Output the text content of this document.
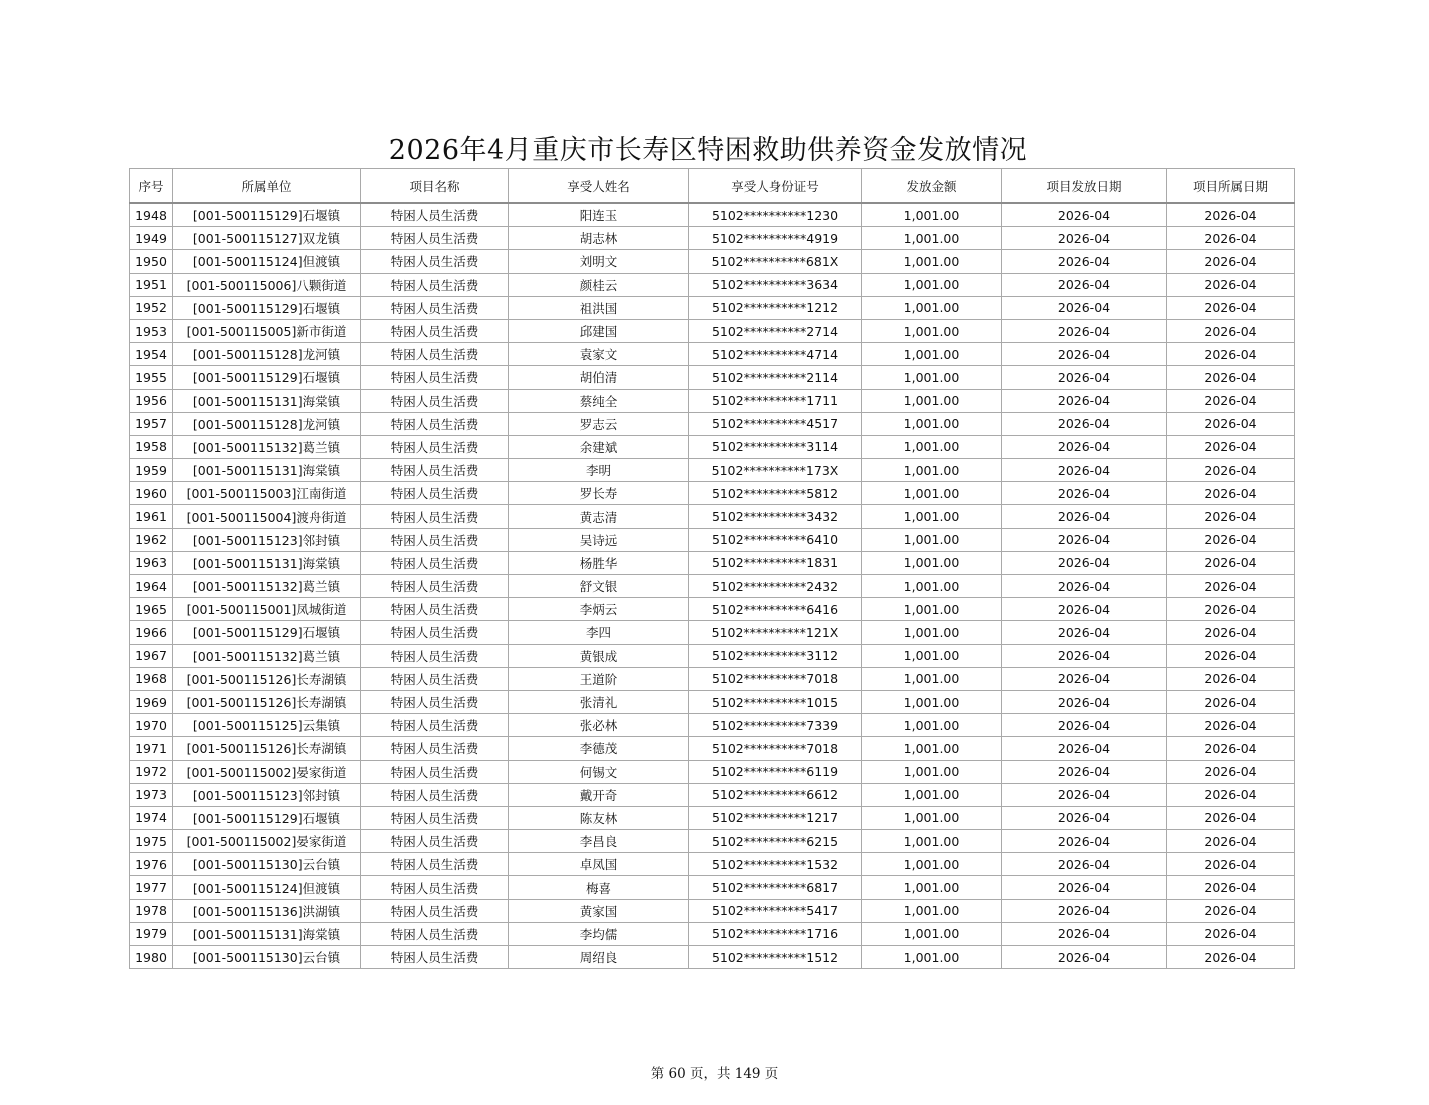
2026年4月重庆市长寿区特困救助供养资金发放情况
序号	所属单位	项目名称	享受人姓名	享受人身份证号	发放金额	项目发放日期	项目所属日期
1948	[001-500115129]石堰镇	特困人员生活费	阳连玉	5102**********1230	1,001.00	2026-04	2026-04
1949	[001-500115127]双龙镇	特困人员生活费	胡志林	5102**********4919	1,001.00	2026-04	2026-04
1950	[001-500115124]但渡镇	特困人员生活费	刘明文	5102**********681X	1,001.00	2026-04	2026-04
1951	[001-500115006]八颗街道	特困人员生活费	颜桂云	5102**********3634	1,001.00	2026-04	2026-04
1952	[001-500115129]石堰镇	特困人员生活费	祖洪国	5102**********1212	1,001.00	2026-04	2026-04
1953	[001-500115005]新市街道	特困人员生活费	邱建国	5102**********2714	1,001.00	2026-04	2026-04
1954	[001-500115128]龙河镇	特困人员生活费	袁家文	5102**********4714	1,001.00	2026-04	2026-04
1955	[001-500115129]石堰镇	特困人员生活费	胡伯清	5102**********2114	1,001.00	2026-04	2026-04
1956	[001-500115131]海棠镇	特困人员生活费	蔡纯全	5102**********1711	1,001.00	2026-04	2026-04
1957	[001-500115128]龙河镇	特困人员生活费	罗志云	5102**********4517	1,001.00	2026-04	2026-04
1958	[001-500115132]葛兰镇	特困人员生活费	余建斌	5102**********3114	1,001.00	2026-04	2026-04
1959	[001-500115131]海棠镇	特困人员生活费	李明	5102**********173X	1,001.00	2026-04	2026-04
1960	[001-500115003]江南街道	特困人员生活费	罗长寿	5102**********5812	1,001.00	2026-04	2026-04
1961	[001-500115004]渡舟街道	特困人员生活费	黄志清	5102**********3432	1,001.00	2026-04	2026-04
1962	[001-500115123]邻封镇	特困人员生活费	吴诗远	5102**********6410	1,001.00	2026-04	2026-04
1963	[001-500115131]海棠镇	特困人员生活费	杨胜华	5102**********1831	1,001.00	2026-04	2026-04
1964	[001-500115132]葛兰镇	特困人员生活费	舒文银	5102**********2432	1,001.00	2026-04	2026-04
1965	[001-500115001]凤城街道	特困人员生活费	李炳云	5102**********6416	1,001.00	2026-04	2026-04
1966	[001-500115129]石堰镇	特困人员生活费	李四	5102**********121X	1,001.00	2026-04	2026-04
1967	[001-500115132]葛兰镇	特困人员生活费	黄银成	5102**********3112	1,001.00	2026-04	2026-04
1968	[001-500115126]长寿湖镇	特困人员生活费	王道阶	5102**********7018	1,001.00	2026-04	2026-04
1969	[001-500115126]长寿湖镇	特困人员生活费	张清礼	5102**********1015	1,001.00	2026-04	2026-04
1970	[001-500115125]云集镇	特困人员生活费	张必林	5102**********7339	1,001.00	2026-04	2026-04
1971	[001-500115126]长寿湖镇	特困人员生活费	李德茂	5102**********7018	1,001.00	2026-04	2026-04
1972	[001-500115002]晏家街道	特困人员生活费	何锡文	5102**********6119	1,001.00	2026-04	2026-04
1973	[001-500115123]邻封镇	特困人员生活费	戴开奇	5102**********6612	1,001.00	2026-04	2026-04
1974	[001-500115129]石堰镇	特困人员生活费	陈友林	5102**********1217	1,001.00	2026-04	2026-04
1975	[001-500115002]晏家街道	特困人员生活费	李昌良	5102**********6215	1,001.00	2026-04	2026-04
1976	[001-500115130]云台镇	特困人员生活费	卓凤国	5102**********1532	1,001.00	2026-04	2026-04
1977	[001-500115124]但渡镇	特困人员生活费	梅喜	5102**********6817	1,001.00	2026-04	2026-04
1978	[001-500115136]洪湖镇	特困人员生活费	黄家国	5102**********5417	1,001.00	2026-04	2026-04
1979	[001-500115131]海棠镇	特困人员生活费	李均儒	5102**********1716	1,001.00	2026-04	2026-04
1980	[001-500115130]云台镇	特困人员生活费	周绍良	5102**********1512	1,001.00	2026-04	2026-04
第 60 页，共 149 页
